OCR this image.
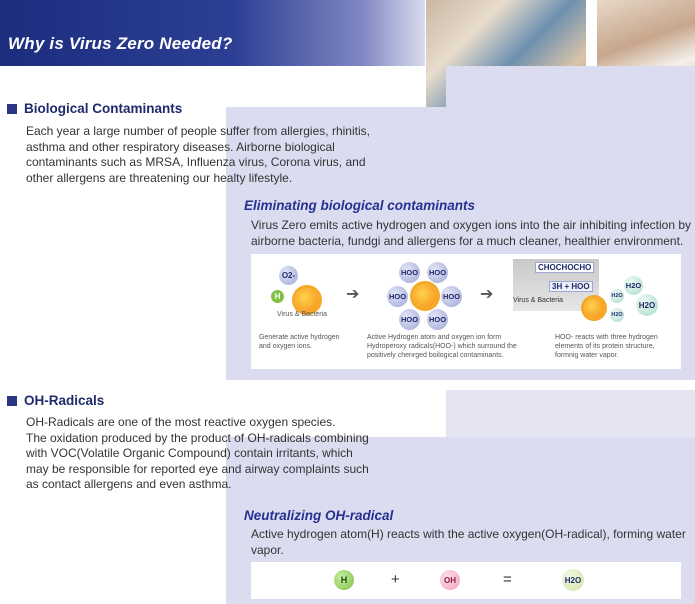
Why is Virus Zero Needed?
Biological Contaminants
Each year a large number of people suffer from allergies, rhinitis,
asthma and other respiratory diseases. Airborne biological
contaminants such as MRSA, Influenza virus, Corona virus, and
other allergens are threatening our healty lifestyle.
Eliminating biological contaminants
Virus Zero emits active hydrogen and oxygen ions into the air inhibiting infection by
airborne bacteria, fundgi and allergens for a much cleaner, healthier environment.
O2-
H
Virus & Bacteria
➔
HOO HOO
HOO	HOO
HOO HOO
➔
CHOCHOCHO
3H + HOO
Virus & Bacteria
H2O
H2O
H2O
H2O
Generate active hydrogen
and oxygen ions.
Active Hydrogen atom and oxygen ion form
Hydroperoxy radicals(HOO-) which surround the
positively chenrged boilogical contaminants.
HOO- reacts with three hydrogen
elements of its protein structure,
formnig water vapor.
OH-Radicals
OH-Radicals are one of the most reactive oxygen species.
The oxidation produced by the product of OH-radicals combining
with VOC(Volatile Organic Compound) contain irritants, which
may be responsible for reported eye and airway complaints such
as contact allergens and even asthma.
Neutralizing OH-radical
Active hydrogen atom(H) reacts with the active oxygen(OH-radical), forming water
vapor.
H	+	OH	=	H2O
